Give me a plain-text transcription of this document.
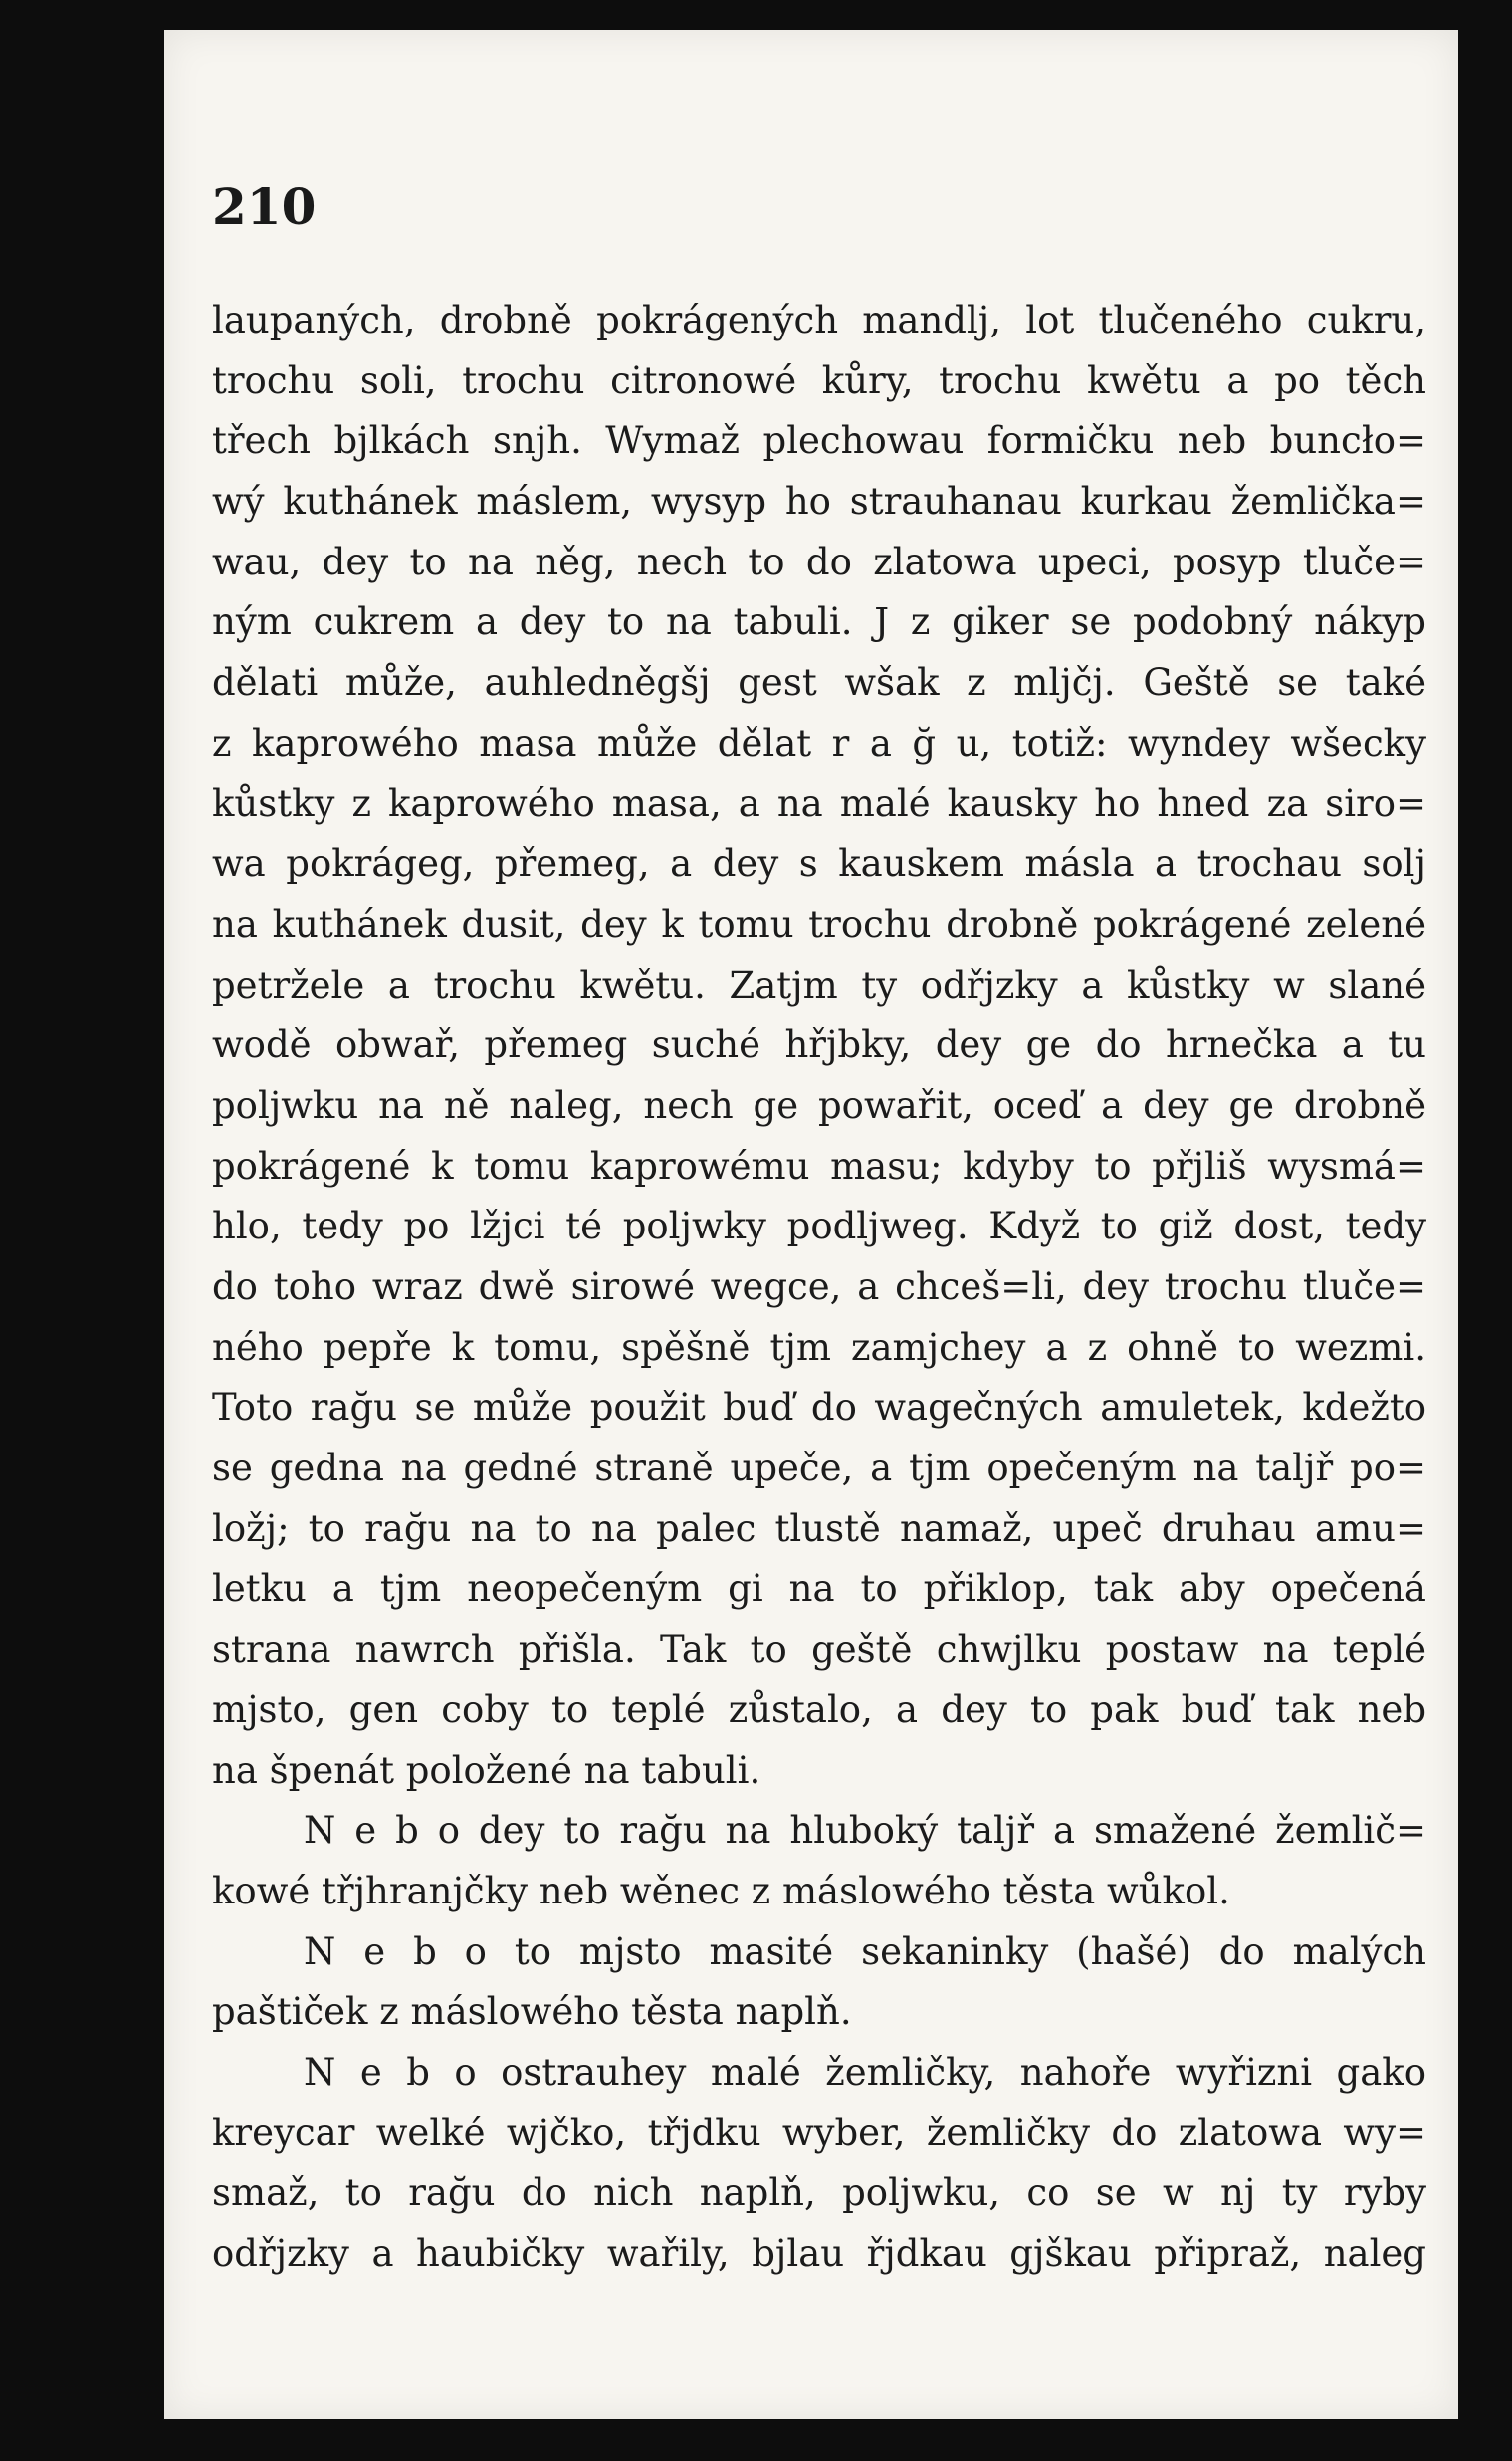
210
laupaných, drobně pokrágených mandlj, lot tlučeného cukru,
trochu soli, trochu citronowé kůry, trochu kwětu a po těch
třech bjlkách snjh. Wymaž plechowau formičku neb buncło=
wý kuthánek máslem, wysyp ho strauhanau kurkau žemlička=
wau, dey to na něg, nech to do zlatowa upeci, posyp tluče=
ným cukrem a dey to na tabuli. J z giker se podobný nákyp
dělati může, auhledněgšj gest wšak z mljčj. Geště se také
z kaprowého masa může dělat r a ğ u, totiž: wyndey wšecky
kůstky z kaprowého masa, a na malé kausky ho hned za siro=
wa pokrágeg, přemeg, a dey s kauskem másla a trochau solj
na kuthánek dusit, dey k tomu trochu drobně pokrágené zelené
petržele a trochu kwětu. Zatjm ty odřjzky a kůstky w slané
wodě obwař, přemeg suché hřjbky, dey ge do hrnečka a tu
poljwku na ně naleg, nech ge powařit, oceď a dey ge drobně
pokrágené k tomu kaprowému masu; kdyby to přjliš wysmá=
hlo, tedy po lžjci té poljwky podljweg. Když to giž dost, tedy
do toho wraz dwě sirowé wegce, a chceš=li, dey trochu tluče=
ného pepře k tomu, spěšně tjm zamjchey a z ohně to wezmi.
Toto rağu se může použit buď do wagečných amuletek, kdežto
se gedna na gedné straně upeče, a tjm opečeným na taljř po=
ložj; to rağu na to na palec tlustě namaž, upeč druhau amu=
letku a tjm neopečeným gi na to přiklop, tak aby opečená
strana nawrch přišla. Tak to geště chwjlku postaw na teplé
mjsto, gen coby to teplé zůstalo, a dey to pak buď tak neb
na špenát položené na tabuli.
N e b o dey to rağu na hluboký talјř a smažené žemlič=
kowé třjhranjčky neb wěnec z máslowého těsta wůkol.
N e b o to mjsto masité sekaninky (hašé) do malých
paštiček z máslowého těsta naplň.
N e b o ostrauhey malé žemličky, nahoře wyřizni gako
kreycar welké wjčko, třjdku wyber, žemličky do zlatowa wy=
smaž, to rağu do nich naplň, poljwku, co se w nj ty ryby
odřjzky a haubičky wařily, bjlau řjdkau gjškau připraž, naleg
